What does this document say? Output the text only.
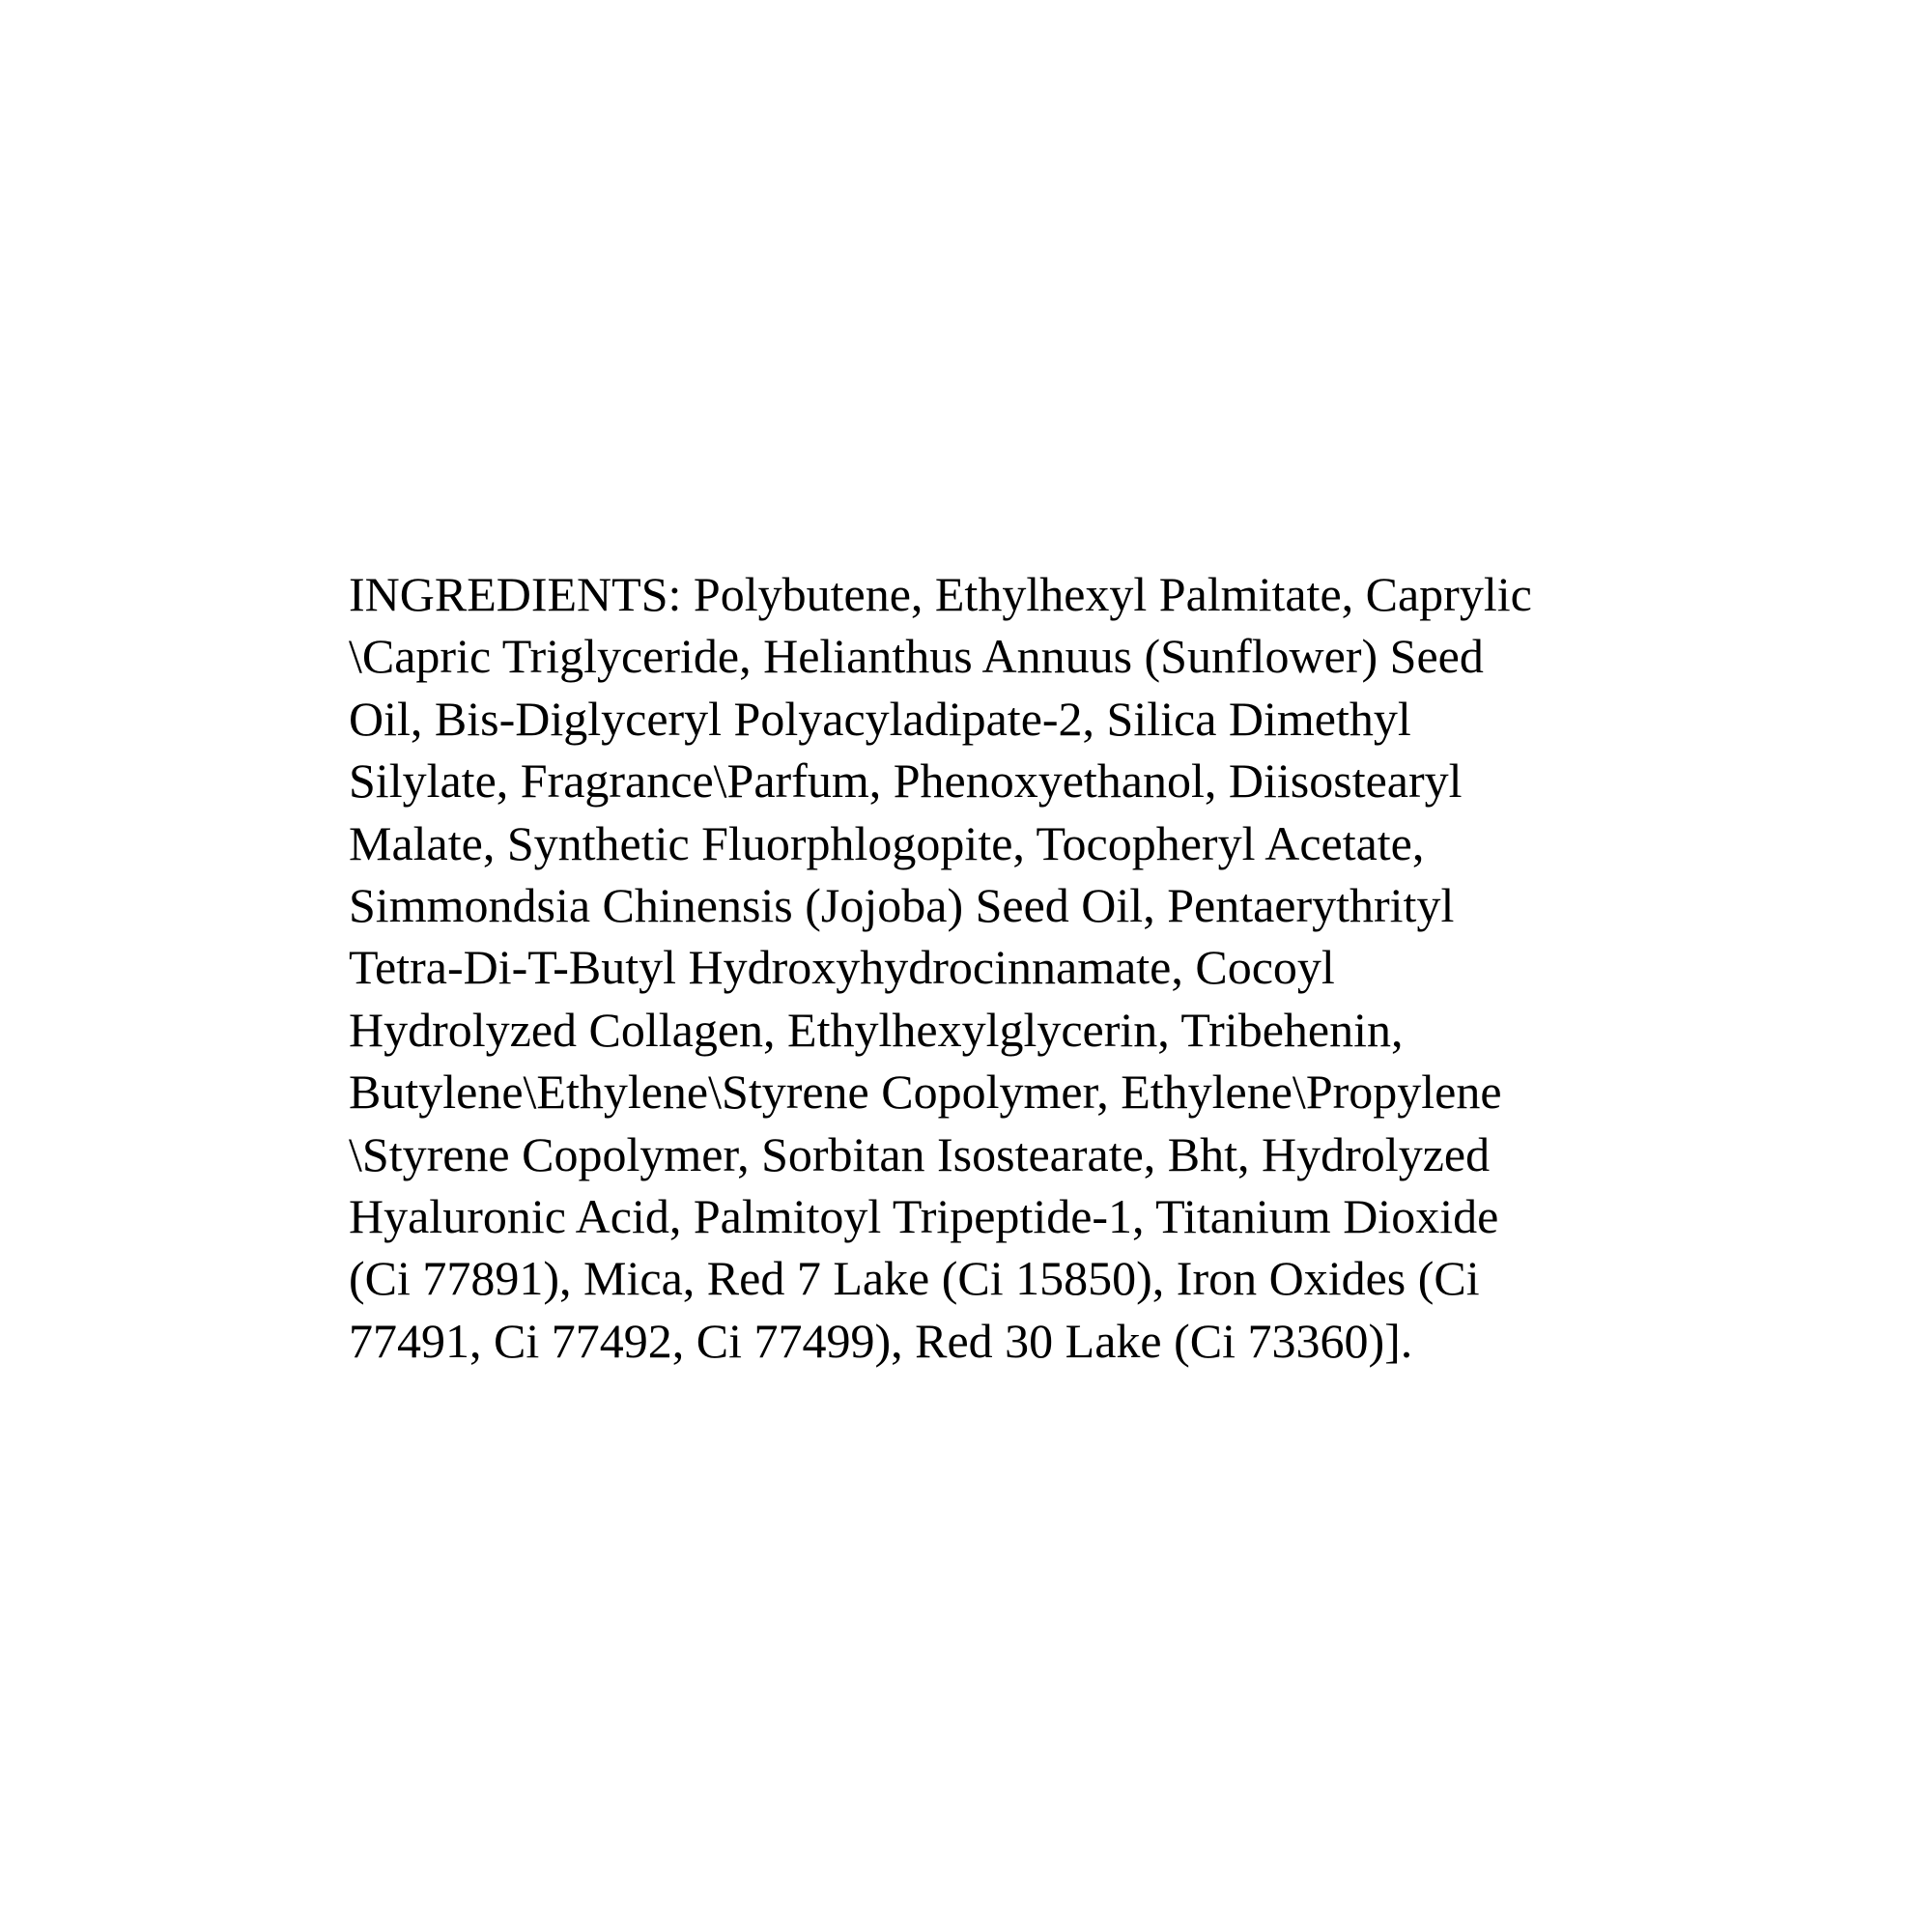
INGREDIENTS: Polybutene, Ethylhexyl Palmitate, Caprylic
\Capric Triglyceride, Helianthus Annuus (Sunflower) Seed
Oil, Bis-Diglyceryl Polyacyladipate-2, Silica Dimethyl
Silylate, Fragrance\Parfum, Phenoxyethanol, Diisostearyl
Malate, Synthetic Fluorphlogopite, Tocopheryl Acetate,
Simmondsia Chinensis (Jojoba) Seed Oil, Pentaerythrityl
Tetra-Di-T-Butyl Hydroxyhydrocinnamate, Cocoyl
Hydrolyzed Collagen, Ethylhexylglycerin, Tribehenin,
Butylene\Ethylene\Styrene Copolymer, Ethylene\Propylene
\Styrene Copolymer, Sorbitan Isostearate, Bht, Hydrolyzed
Hyaluronic Acid, Palmitoyl Tripeptide-1, Titanium Dioxide
(Ci 77891), Mica, Red 7 Lake (Ci 15850), Iron Oxides (Ci
77491, Ci 77492, Ci 77499), Red 30 Lake (Ci 73360)].
